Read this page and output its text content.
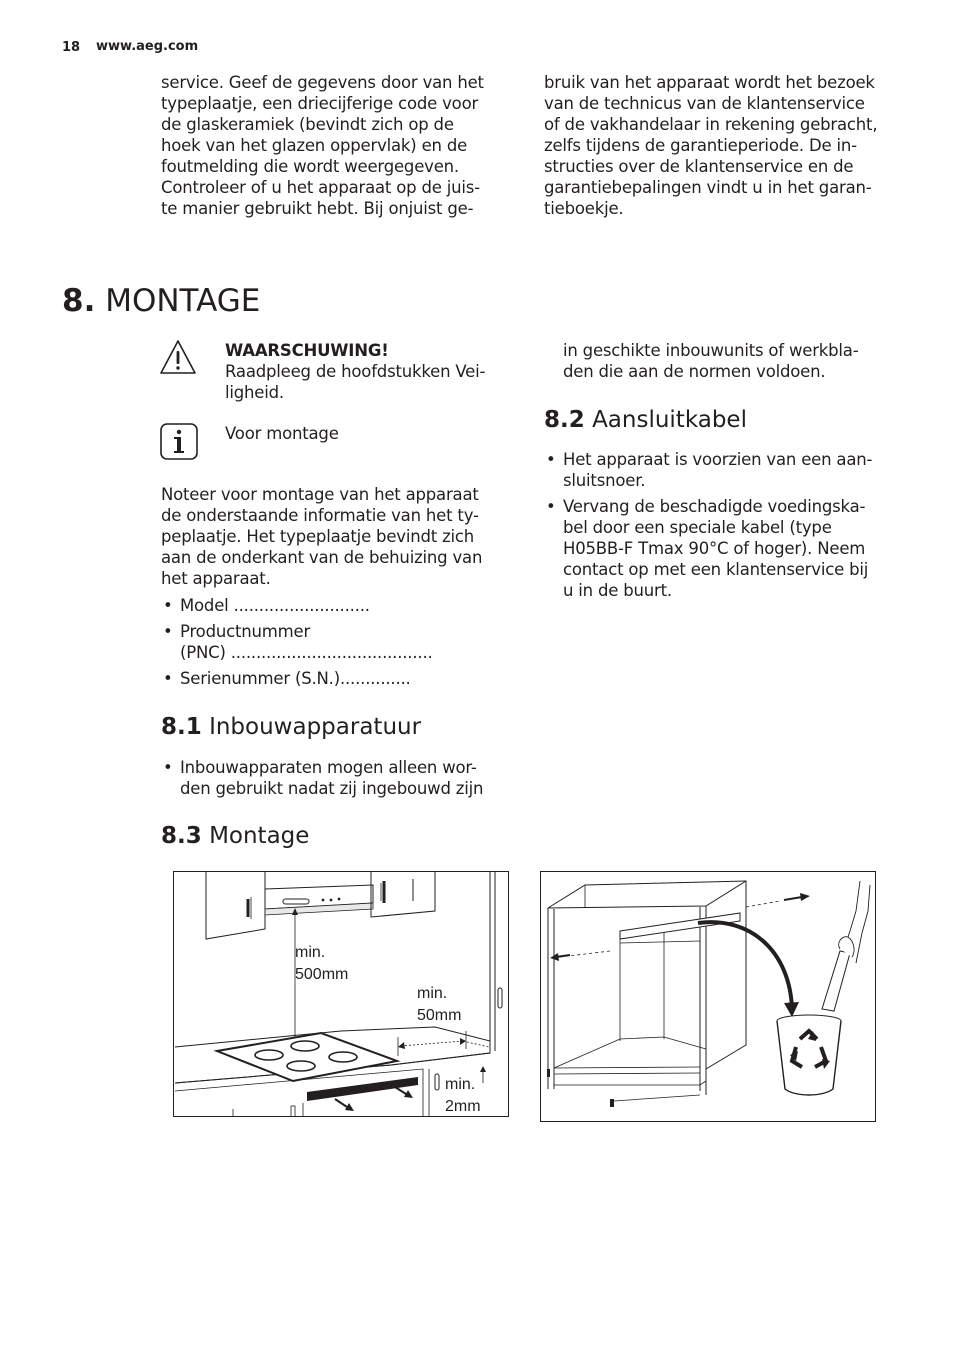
18 www.aeg.com
service. Geef de gegevens door van het
typeplaatje, een driecijferige code voor
de glaskeramiek (bevindt zich op de
hoek van het glazen oppervlak) en de
foutmelding die wordt weergegeven.
Controleer of u het apparaat op de juis-
te manier gebruikt hebt. Bij onjuist ge-
bruik van het apparaat wordt het bezoek
van de technicus van de klantenservice
of de vakhandelaar in rekening gebracht,
zelfs tijdens de garantieperiode. De in-
structies over de klantenservice en de
garantiebepalingen vindt u in het garan-
tieboekje.
8. MONTAGE
WAARSCHUWING!
Raadpleeg de hoofdstukken Vei-
ligheid.
Voor montage
Noteer voor montage van het apparaat
de onderstaande informatie van het ty-
peplaatje. Het typeplaatje bevindt zich
aan de onderkant van de behuizing van
het apparaat.
• Model ...........................
• Productnummer
(PNC) ........................................
• Serienummer (S.N.)..............
8.1 Inbouwapparatuur
• Inbouwapparaten mogen alleen wor-
den gebruikt nadat zij ingebouwd zijn
in geschikte inbouwunits of werkbla-
den die aan de normen voldoen.
8.2 Aansluitkabel
• Het apparaat is voorzien van een aan-
sluitsnoer.
• Vervang de beschadigde voedingska-
bel door een speciale kabel (type
H05BB-F Tmax 90°C of hoger). Neem
contact op met een klantenservice bij
u in de buurt.
8.3 Montage
min.
500mm
min.
50mm
min.
2mm
